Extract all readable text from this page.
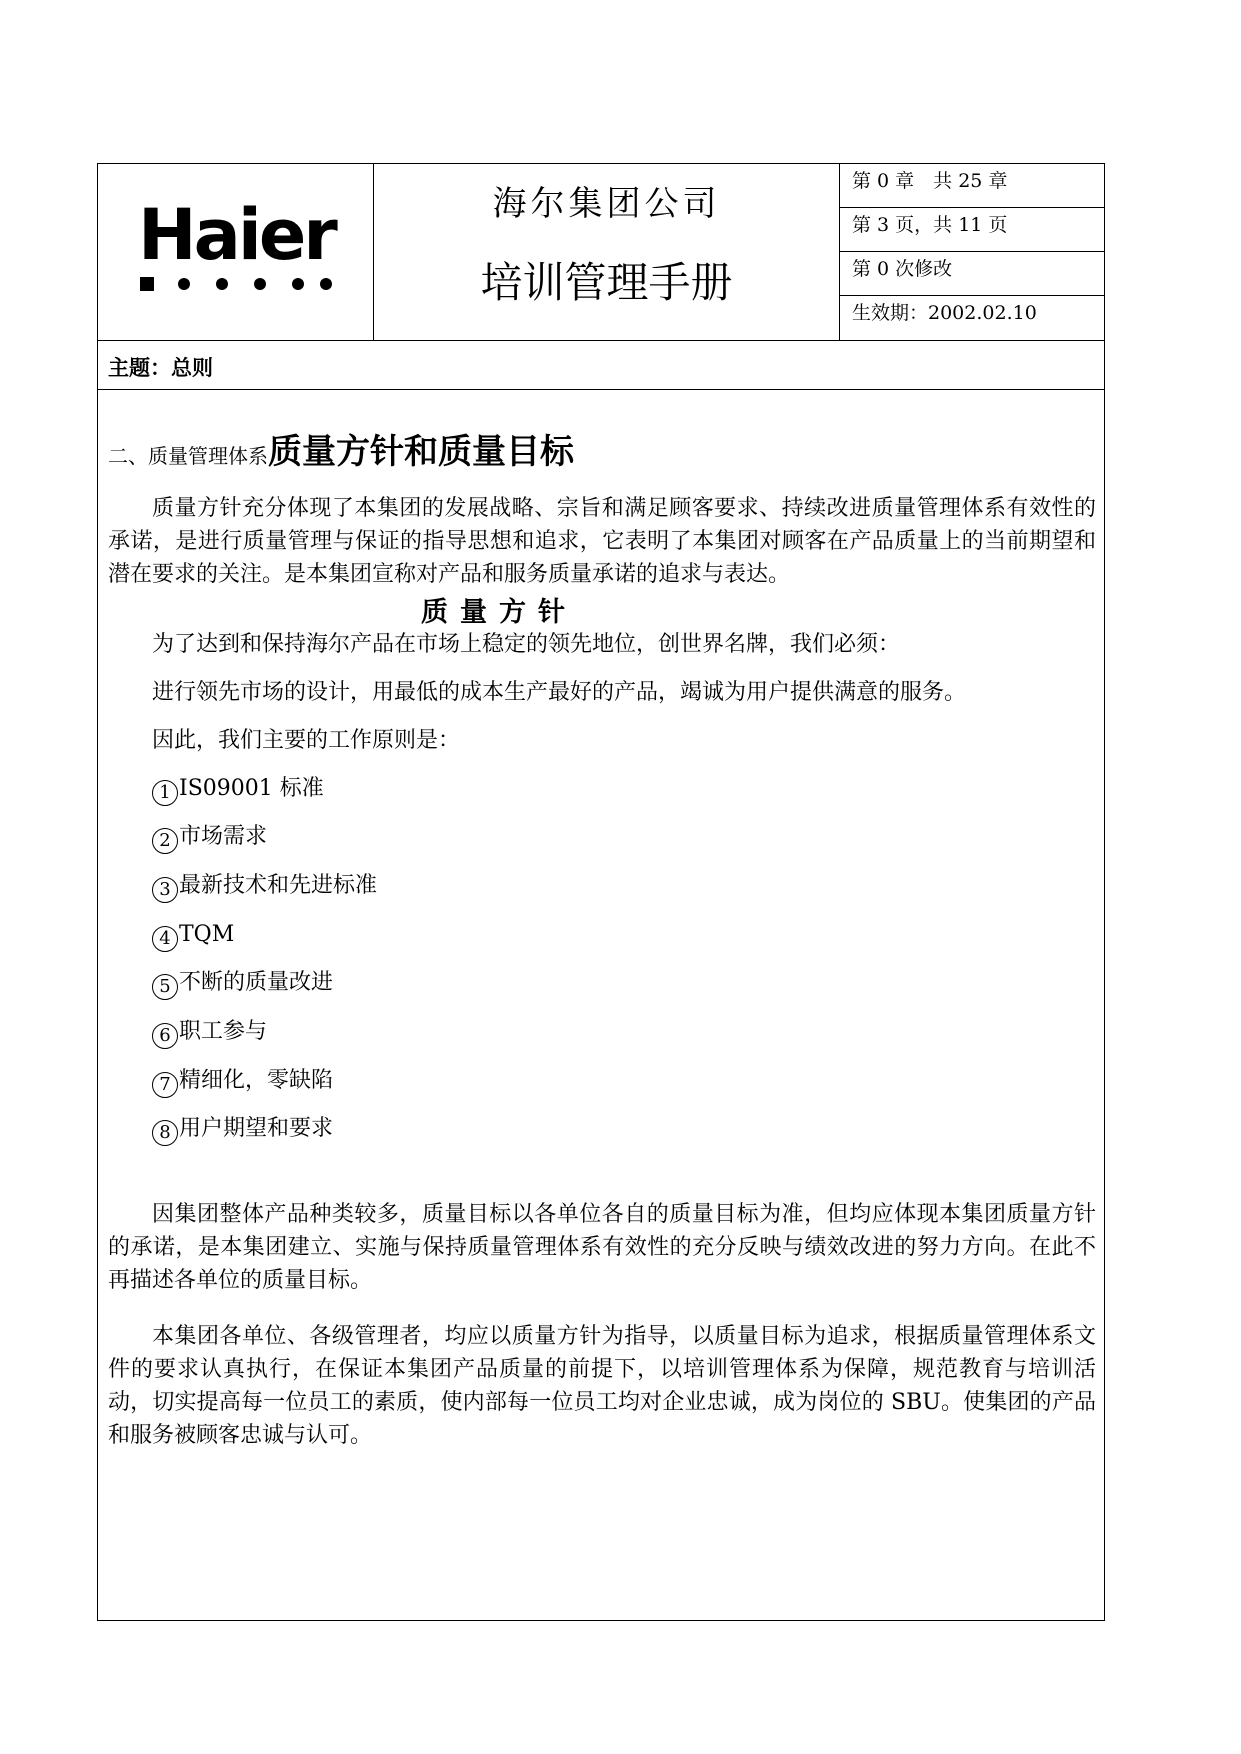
Haier	海尔集团公司
培训管理手册
第 0 章　共 25 章
第 3 页，共 11 页
第 0 次修改
生效期：2002.02.10
主题：总则
二、质量管理体系质量方针和质量目标

质量方针充分体现了本集团的发展战略、宗旨和满足顾客要求、持续改进质量管理体系有效性的承诺，是进行质量管理与保证的指导思想和追求，它表明了本集团对顾客在产品质量上的当前期望和潜在要求的关注。是本集团宣称对产品和服务质量承诺的追求与表达。

质量方针
为了达到和保持海尔产品在市场上稳定的领先地位，创世界名牌，我们必须：
进行领先市场的设计，用最低的成本生产最好的产品，竭诚为用户提供满意的服务。
因此，我们主要的工作原则是：
1 IS09001 标准
2 市场需求
3 最新技术和先进标准
4 TQM
5 不断的质量改进
6 职工参与
7 精细化，零缺陷
8 用户期望和要求

因集团整体产品种类较多，质量目标以各单位各自的质量目标为准，但均应体现本集团质量方针的承诺，是本集团建立、实施与保持质量管理体系有效性的充分反映与绩效改进的努力方向。在此不再描述各单位的质量目标。

本集团各单位、各级管理者，均应以质量方针为指导，以质量目标为追求，根据质量管理体系文件的要求认真执行，在保证本集团产品质量的前提下，以培训管理体系为保障，规范教育与培训活动，切实提高每一位员工的素质，使内部每一位员工均对企业忠诚，成为岗位的 SBU。使集团的产品和服务被顾客忠诚与认可。
